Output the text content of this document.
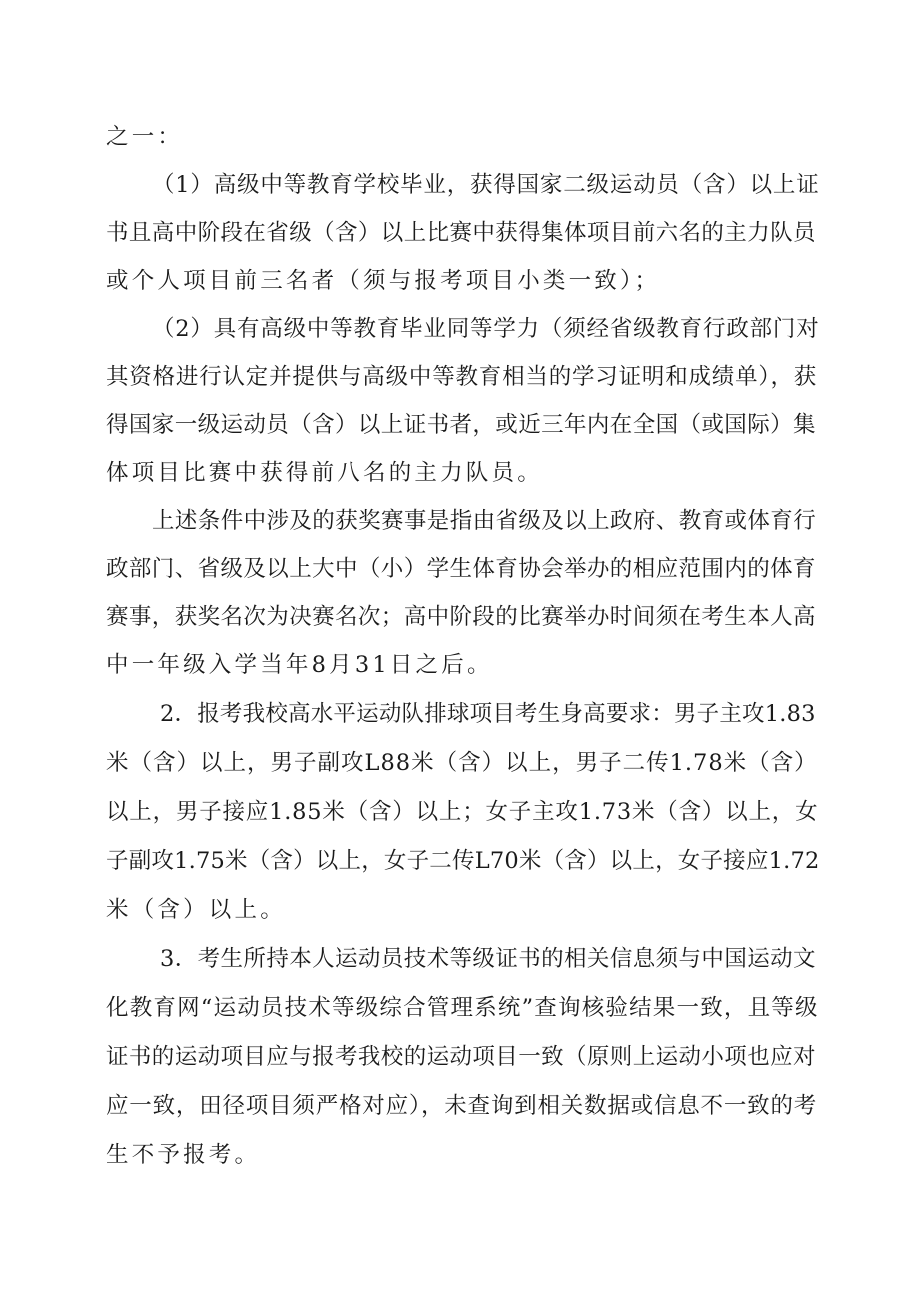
之一：
（1）高级中等教育学校毕业，获得国家二级运动员（含）以上证
书且高中阶段在省级（含）以上比赛中获得集体项目前六名的主力队员
或个人项目前三名者（须与报考项目小类一致）；
（2）具有高级中等教育毕业同等学力（须经省级教育行政部门对
其资格进行认定并提供与高级中等教育相当的学习证明和成绩单），获
得国家一级运动员（含）以上证书者，或近三年内在全国（或国际）集
体项目比赛中获得前八名的主力队员。
上述条件中涉及的获奖赛事是指由省级及以上政府、教育或体育行
政部门、省级及以上大中（小）学生体育协会举办的相应范围内的体育
赛事，获奖名次为决赛名次；高中阶段的比赛举办时间须在考生本人高
中一年级入学当年8月31日之后。
2．报考我校高水平运动队排球项目考生身高要求：男子主攻1.83
米（含）以上，男子副攻L88米（含）以上，男子二传1.78米（含）
以上，男子接应1.85米（含）以上；女子主攻1.73米（含）以上，女
子副攻1.75米（含）以上，女子二传L70米（含）以上，女子接应1.72
米（含）以上。
3．考生所持本人运动员技术等级证书的相关信息须与中国运动文
化教育网“运动员技术等级综合管理系统”查询核验结果一致，且等级
证书的运动项目应与报考我校的运动项目一致（原则上运动小项也应对
应一致，田径项目须严格对应），未查询到相关数据或信息不一致的考
生不予报考。
